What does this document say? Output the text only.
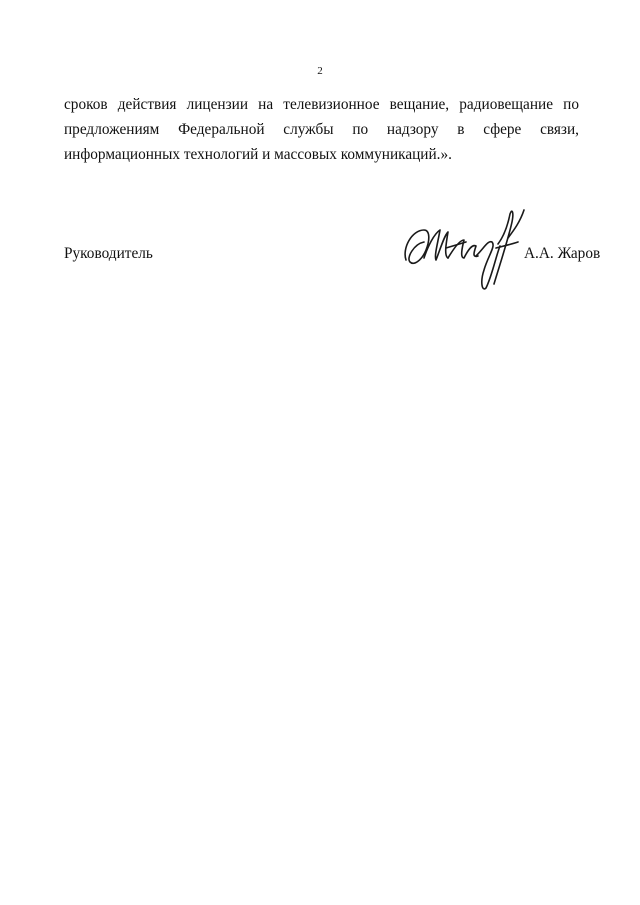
2

сроков действия лицензии на телевизионное вещание, радиовещание по предложениям Федеральной службы по надзору в сфере связи, информационных технологий и массовых коммуникаций.».

Руководитель	А.А. Жаров
